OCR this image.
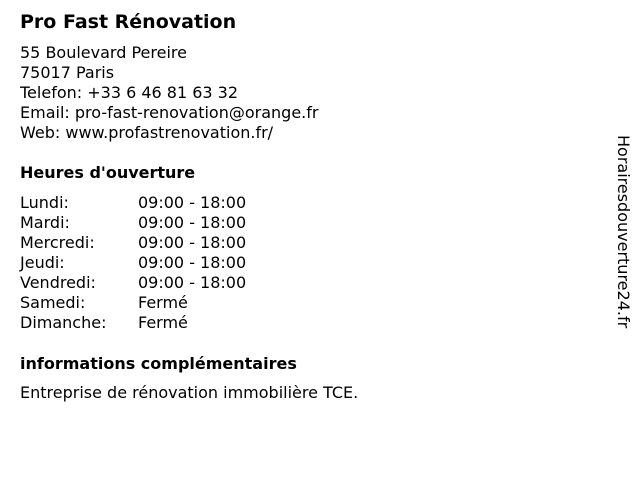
Pro Fast Rénovation
55 Boulevard Pereire
75017 Paris
Telefon: +33 6 46 81 63 32
Email: pro-fast-renovation@orange.fr
Web: www.profastrenovation.fr/
Heures d'ouverture
Lundi:	09:00 - 18:00
Mardi:	09:00 - 18:00
Mercredi:	09:00 - 18:00
Jeudi:	09:00 - 18:00
Vendredi:	09:00 - 18:00
Samedi:	Fermé
Dimanche:	Fermé
informations complémentaires
Entreprise de rénovation immobilière TCE.
Horairesdouverture24.fr
